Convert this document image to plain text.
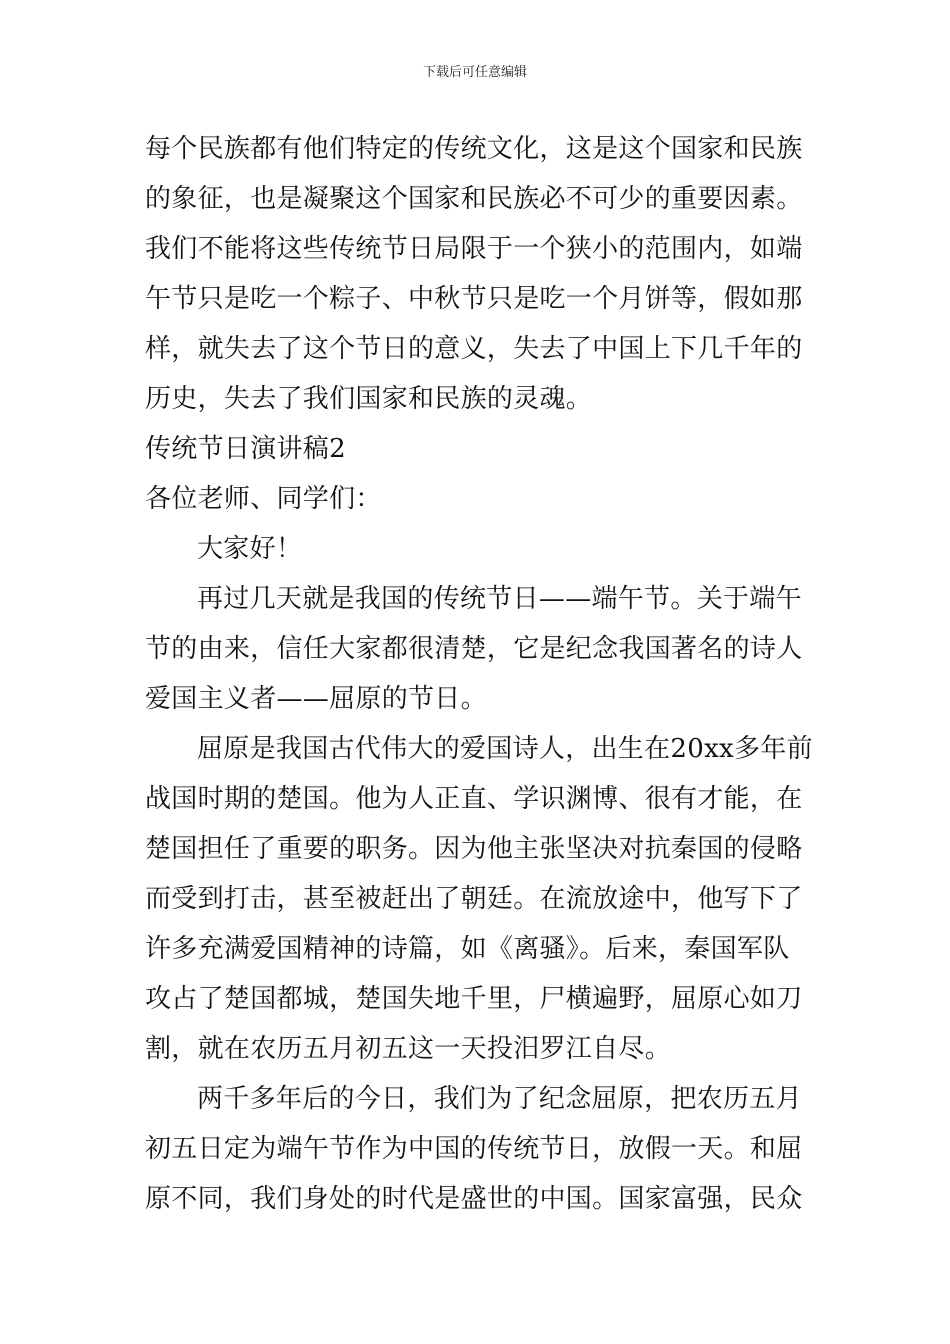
下载后可任意编辑
每个民族都有他们特定的传统文化，这是这个国家和民族
的象征，也是凝聚这个国家和民族必不可少的重要因素。
我们不能将这些传统节日局限于一个狭小的范围内，如端
午节只是吃一个粽子、中秋节只是吃一个月饼等，假如那
样，就失去了这个节日的意义，失去了中国上下几千年的
历史，失去了我们国家和民族的灵魂。
传统节日演讲稿2
各位老师、同学们：
大家好！
再过几天就是我国的传统节日——端午节。关于端午
节的由来，信任大家都很清楚，它是纪念我国著名的诗人
爱国主义者——屈原的节日。
屈原是我国古代伟大的爱国诗人，出生在20xx多年前
战国时期的楚国。他为人正直、学识渊博、很有才能，在
楚国担任了重要的职务。因为他主张坚决对抗秦国的侵略
而受到打击，甚至被赶出了朝廷。在流放途中，他写下了
许多充满爱国精神的诗篇，如《离骚》。后来，秦国军队
攻占了楚国都城，楚国失地千里，尸横遍野，屈原心如刀
割，就在农历五月初五这一天投汨罗江自尽。
两千多年后的今日，我们为了纪念屈原，把农历五月
初五日定为端午节作为中国的传统节日，放假一天。和屈
原不同，我们身处的时代是盛世的中国。国家富强，民众
